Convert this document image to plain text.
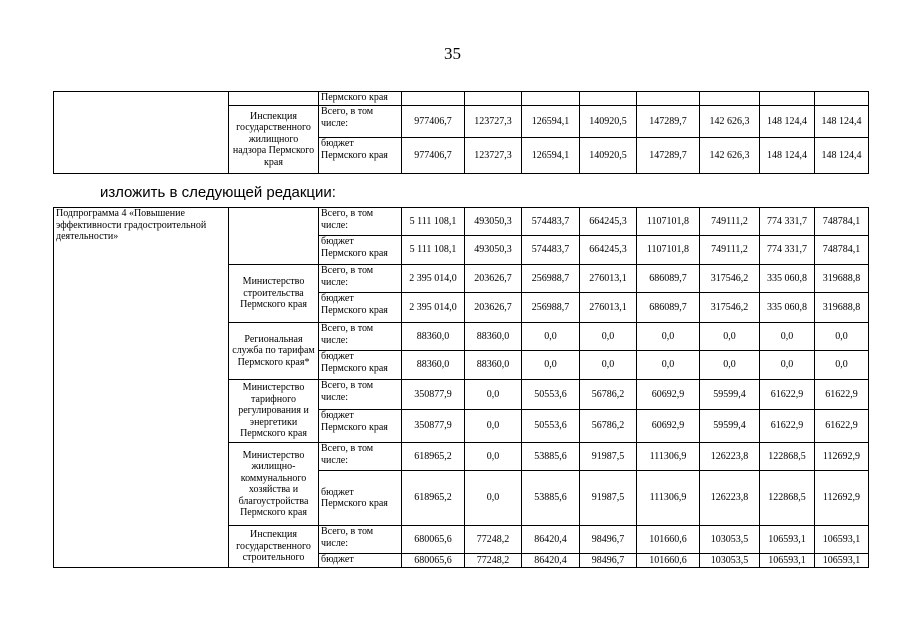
35
		Пермского края								
	Инспекция государственного жилищного надзора Пермского края	Всего, в том числе:	977406,7	123727,3	126594,1	140920,5	147289,7	142 626,3	148 124,4	148 124,4
		бюджет Пермского края	977406,7	123727,3	126594,1	140920,5	147289,7	142 626,3	148 124,4	148 124,4
изложить в следующей редакции:
Подпрограмма 4 «Повышение эффективности градостроительной деятельности»		Всего, в том числе:	5 111 108,1	493050,3	574483,7	664245,3	1107101,8	749111,2	774 331,7	748784,1
		бюджет Пермского края	5 111 108,1	493050,3	574483,7	664245,3	1107101,8	749111,2	774 331,7	748784,1
	Министерство строительства Пермского края	Всего, в том числе:	2 395 014,0	203626,7	256988,7	276013,1	686089,7	317546,2	335 060,8	319688,8
		бюджет Пермского края	2 395 014,0	203626,7	256988,7	276013,1	686089,7	317546,2	335 060,8	319688,8
	Региональная служба по тарифам Пермского края*	Всего, в том числе:	88360,0	88360,0	0,0	0,0	0,0	0,0	0,0	0,0
		бюджет Пермского края	88360,0	88360,0	0,0	0,0	0,0	0,0	0,0	0,0
	Министерство тарифного регулирования и энергетики Пермского края	Всего, в том числе:	350877,9	0,0	50553,6	56786,2	60692,9	59599,4	61622,9	61622,9
		бюджет Пермского края	350877,9	0,0	50553,6	56786,2	60692,9	59599,4	61622,9	61622,9
	Министерство жилищно-коммунального хозяйства и благоустройства Пермского края	Всего, в том числе:	618965,2	0,0	53885,6	91987,5	111306,9	126223,8	122868,5	112692,9
		бюджет Пермского края	618965,2	0,0	53885,6	91987,5	111306,9	126223,8	122868,5	112692,9
	Инспекция государственного строительного	Всего, в том числе:	680065,6	77248,2	86420,4	98496,7	101660,6	103053,5	106593,1	106593,1
		бюджет	680065,6	77248,2	86420,4	98496,7	101660,6	103053,5	106593,1	106593,1
